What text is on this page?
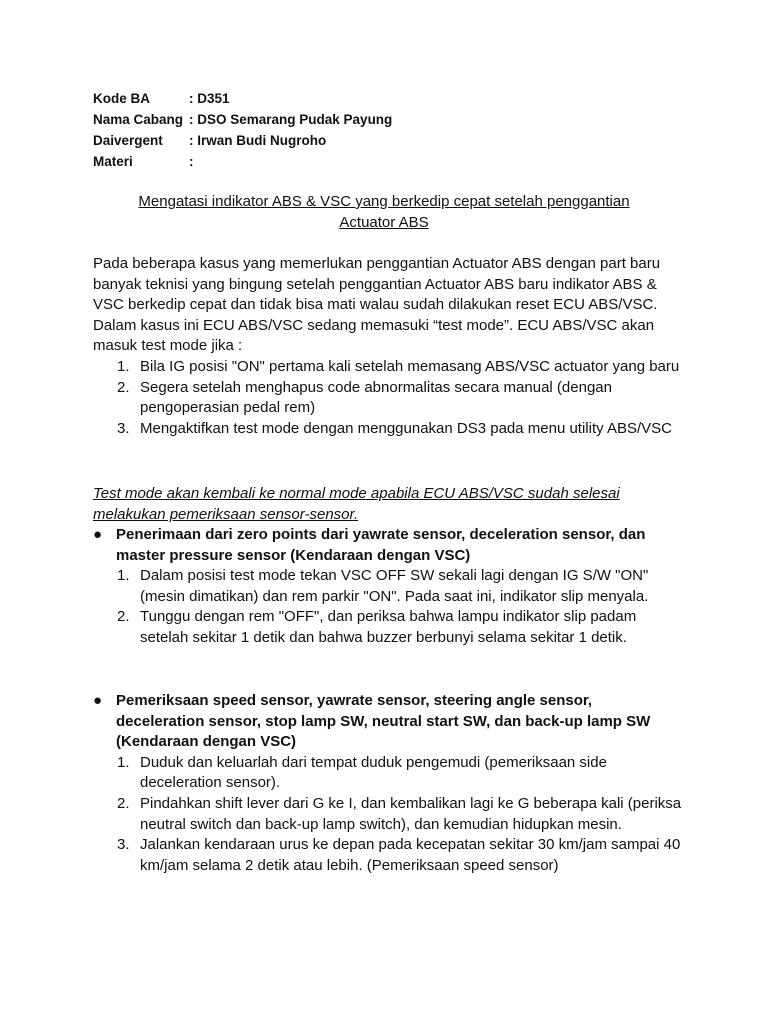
Kode BA	: D351
Nama Cabang : DSO Semarang Pudak Payung
Daivergent	: Irwan Budi Nugroho
Materi	:
Mengatasi indikator ABS & VSC yang berkedip cepat setelah penggantian
Actuator ABS
Pada beberapa kasus yang memerlukan penggantian Actuator ABS dengan part baru banyak teknisi yang bingung setelah penggantian Actuator ABS baru indikator ABS & VSC berkedip cepat dan tidak bisa mati walau sudah dilakukan reset ECU ABS/VSC. Dalam kasus ini ECU ABS/VSC sedang memasuki “test mode”. ECU ABS/VSC akan masuk test mode jika :
1. Bila IG posisi "ON" pertama kali setelah memasang ABS/VSC actuator yang baru
2. Segera setelah menghapus code abnormalitas secara manual (dengan pengoperasian pedal rem)
3. Mengaktifkan test mode dengan menggunakan DS3 pada menu utility ABS/VSC
Test mode akan kembali ke normal mode apabila ECU ABS/VSC sudah selesai melakukan pemeriksaan sensor-sensor.
● Penerimaan dari zero points dari yawrate sensor, deceleration sensor, dan master pressure sensor (Kendaraan dengan VSC)
1. Dalam posisi test mode tekan VSC OFF SW sekali lagi dengan IG S/W "ON" (mesin dimatikan) dan rem parkir "ON". Pada saat ini, indikator slip menyala.
2. Tunggu dengan rem "OFF", dan periksa bahwa lampu indikator slip padam setelah sekitar 1 detik dan bahwa buzzer berbunyi selama sekitar 1 detik.
● Pemeriksaan speed sensor, yawrate sensor, steering angle sensor, deceleration sensor, stop lamp SW, neutral start SW, dan back-up lamp SW (Kendaraan dengan VSC)
1. Duduk dan keluarlah dari tempat duduk pengemudi (pemeriksaan side deceleration sensor).
2. Pindahkan shift lever dari G ke I, dan kembalikan lagi ke G beberapa kali (periksa neutral switch dan back-up lamp switch), dan kemudian hidupkan mesin.
3. Jalankan kendaraan urus ke depan pada kecepatan sekitar 30 km/jam sampai 40 km/jam selama 2 detik atau lebih. (Pemeriksaan speed sensor)
